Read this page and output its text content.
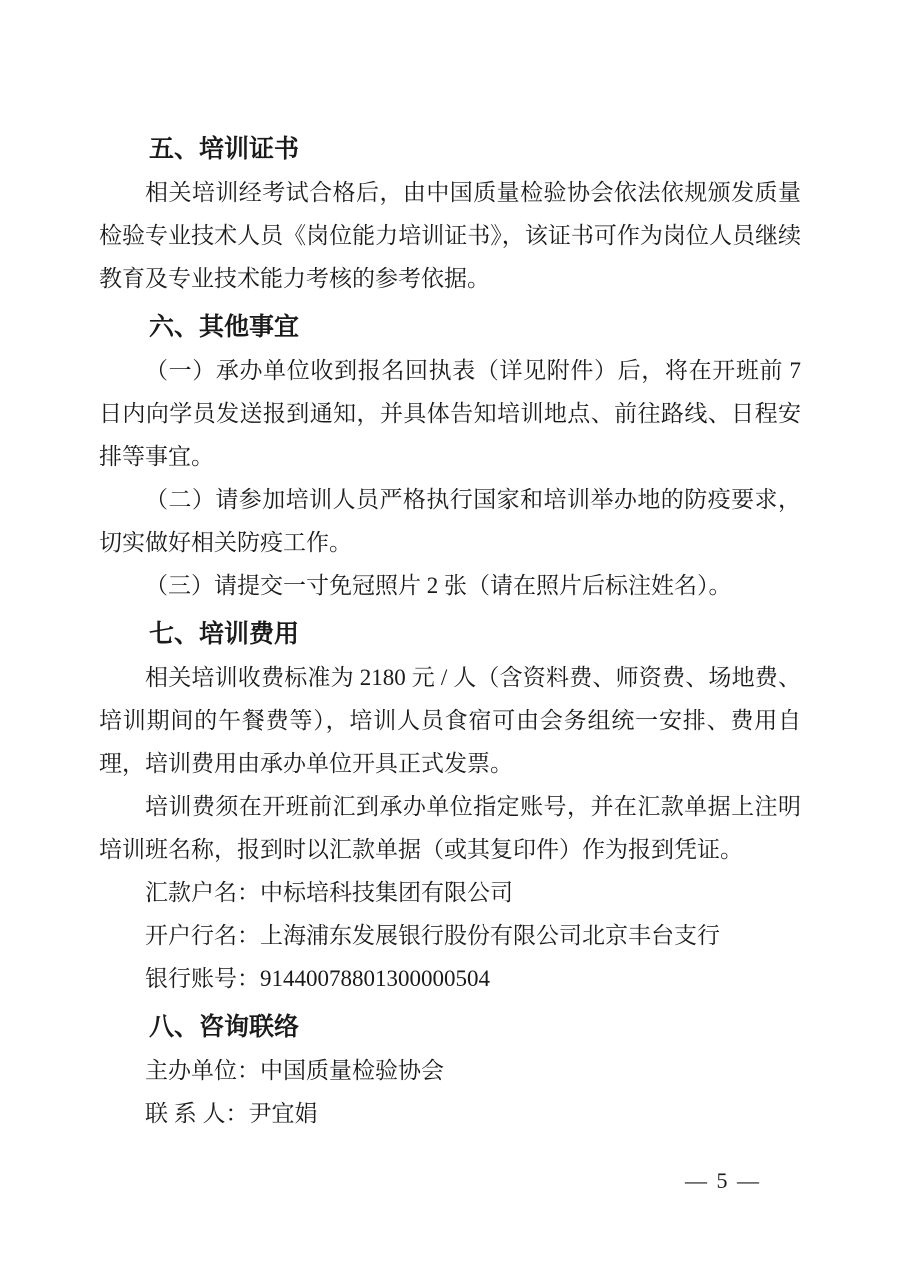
五、培训证书

相关培训经考试合格后，由中国质量检验协会依法依规颁发质量检验专业技术人员《岗位能力培训证书》，该证书可作为岗位人员继续教育及专业技术能力考核的参考依据。

六、其他事宜

（一）承办单位收到报名回执表（详见附件）后，将在开班前 7 日内向学员发送报到通知，并具体告知培训地点、前往路线、日程安排等事宜。

（二）请参加培训人员严格执行国家和培训举办地的防疫要求，切实做好相关防疫工作。

（三）请提交一寸免冠照片 2 张（请在照片后标注姓名）。

七、培训费用

相关培训收费标准为 2180 元 / 人（含资料费、师资费、场地费、培训期间的午餐费等），培训人员食宿可由会务组统一安排、费用自理，培训费用由承办单位开具正式发票。

培训费须在开班前汇到承办单位指定账号，并在汇款单据上注明培训班名称，报到时以汇款单据（或其复印件）作为报到凭证。

汇款户名：中标培科技集团有限公司

开户行名：上海浦东发展银行股份有限公司北京丰台支行

银行账号：91440078801300000504

八、咨询联络

主办单位：中国质量检验协会

联 系 人：尹宜娟

— 5 —
